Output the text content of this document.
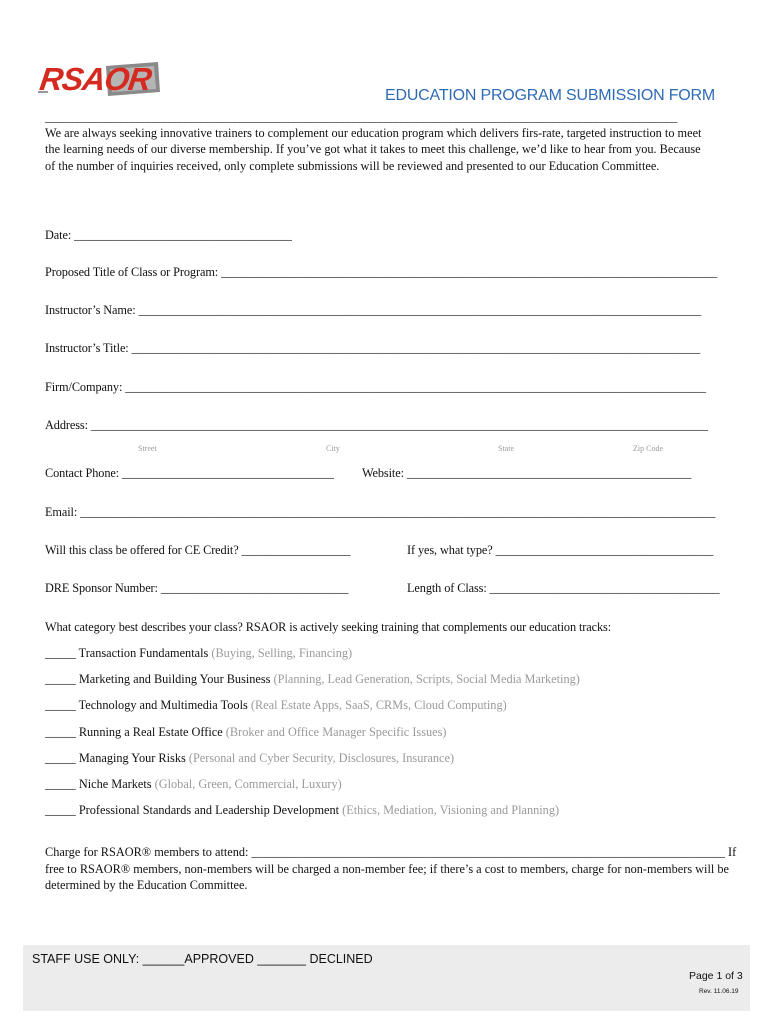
RSAOR	EDUCATION PROGRAM SUBMISSION FORM
_____________________________________________________________________________________________________________________
We are always seeking innovative trainers to complement our education program which delivers firs-rate, targeted instruction to meet the learning needs of our diverse membership. If you’ve got what it takes to meet this challenge, we’d like to hear from you. Because of the number of inquiries received, only complete submissions will be reviewed and presented to our Education Committee.
Date: ____________________________________
Proposed Title of Class or Program: __________________________________________________________________________________
Instructor’s Name: _____________________________________________________________________________________________
Instructor’s Title: ______________________________________________________________________________________________
Firm/Company: ________________________________________________________________________________________________
Address: ______________________________________________________________________________________________________
Street	City	State	Zip Code
Contact Phone: ___________________________________ Website: _______________________________________________
Email: _________________________________________________________________________________________________________
Will this class be offered for CE Credit? __________________	If yes, what type? ____________________________________
DRE Sponsor Number: _______________________________	Length of Class: ______________________________________
What category best describes your class? RSAOR is actively seeking training that complements our education tracks:
_____ Transaction Fundamentals (Buying, Selling, Financing)
_____ Marketing and Building Your Business (Planning, Lead Generation, Scripts, Social Media Marketing)
_____ Technology and Multimedia Tools (Real Estate Apps, SaaS, CRMs, Cloud Computing)
_____ Running a Real Estate Office (Broker and Office Manager Specific Issues)
_____ Managing Your Risks (Personal and Cyber Security, Disclosures, Insurance)
_____ Niche Markets (Global, Green, Commercial, Luxury)
_____ Professional Standards and Leadership Development (Ethics, Mediation, Visioning and Planning)
Charge for RSAOR® members to attend: _____________________________________________________________________________ If free to RSAOR® members, non-members will be charged a non-member fee; if there’s a cost to members, charge for non-members will be determined by the Education Committee.
STAFF USE ONLY: ______APPROVED _______ DECLINED
Page 1 of 3
Rev. 11.06.19
